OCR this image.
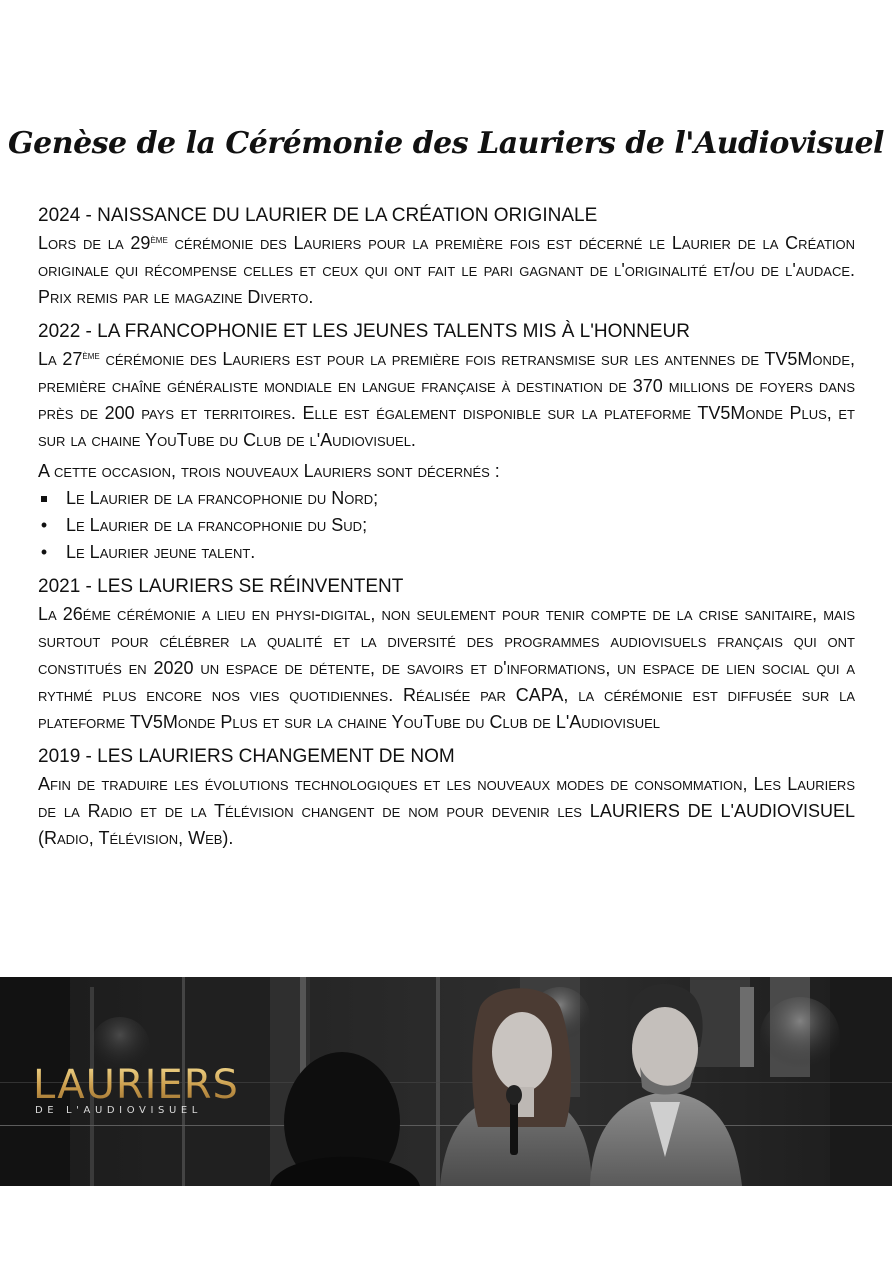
Genèse de la Cérémonie des Lauriers de l'Audiovisuel
2024 - NAISSANCE DU LAURIER DE LA CRÉATION ORIGINALE

Lors de la 29ème cérémonie des Lauriers pour la première fois est décerné le Laurier de la Création originale qui récompense celles et ceux qui ont fait le pari gagnant de l'originalité et/ou de l'audace. Prix remis par le magazine Diverto.

2022 - LA FRANCOPHONIE ET LES JEUNES TALENTS MIS À L'HONNEUR

La 27ème cérémonie des Lauriers est pour la première fois retransmise sur les antennes de TV5Monde, première chaîne généraliste mondiale en langue française à destination de 370 millions de foyers dans près de 200 pays et territoires. Elle est également disponible sur la plateforme TV5Monde Plus, et sur la chaine YouTube du Club de l'Audiovisuel.

A cette occasion, trois nouveaux Lauriers sont décernés :

Le Laurier de la francophonie du Nord;
• Le Laurier de la francophonie du Sud;
• Le Laurier jeune talent.
2021 - LES LAURIERS SE RÉINVENTENT

La 26éme cérémonie a lieu en physi-digital, non seulement pour tenir compte de la crise sanitaire, mais surtout pour célébrer la qualité et la diversité des programmes audiovisuels français qui ont constitués en 2020 un espace de détente, de savoirs et d'informations, un espace de lien social qui a rythmé plus encore nos vies quotidiennes. Réalisée par CAPA, la cérémonie est diffusée sur la plateforme TV5Monde Plus et sur la chaine YouTube du Club de L'Audiovisuel

2019 - LES LAURIERS CHANGEMENT DE NOM

Afin de traduire les évolutions technologiques et les nouveaux modes de consommation, Les Lauriers de la Radio et de la Télévision changent de nom pour devenir les LAURIERS DE L'AUDIOVISUEL (Radio, Télévision, Web).

LAURIERS
DE L'AUDIOVISUEL
